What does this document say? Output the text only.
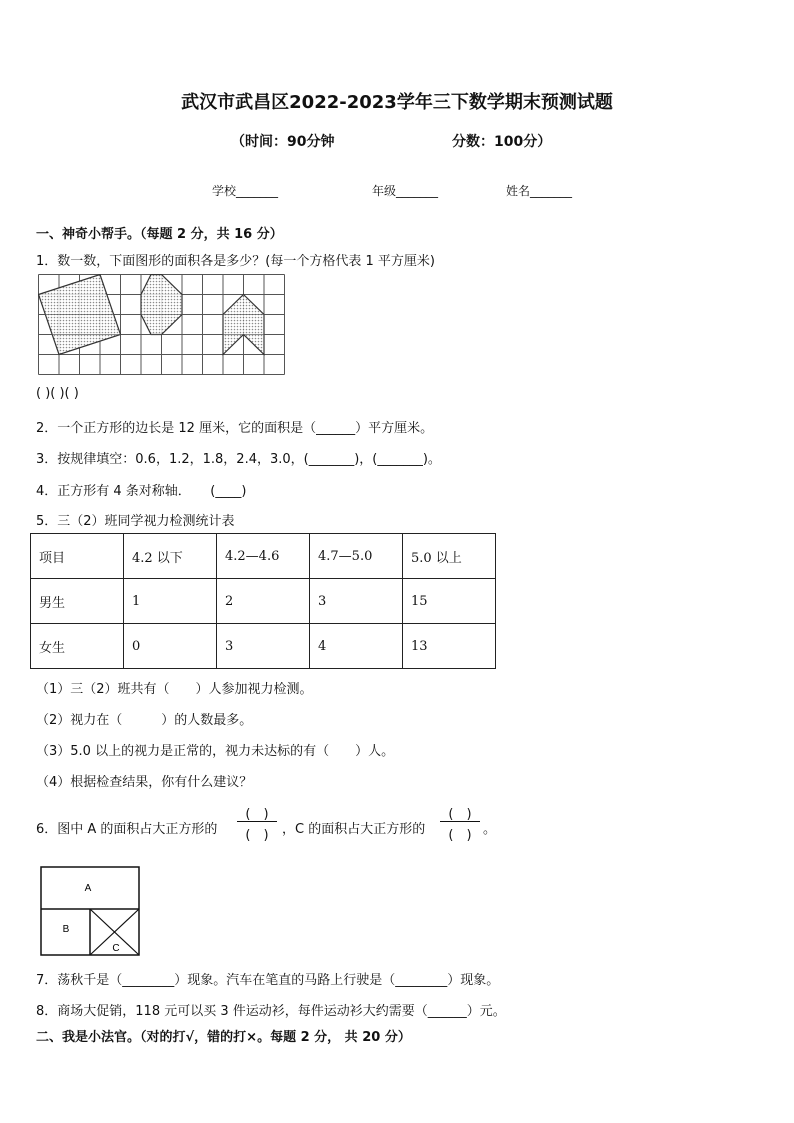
武汉市武昌区2022-2023学年三下数学期末预测试题
（时间：90分钟	分数：100分）
学校_______	年级_______	姓名_______
一、神奇小帮手。（每题 2 分，共 16 分）
1．数一数，下面图形的面积各是多少？(每一个方格代表 1 平方厘米)
( )( )( )
2．一个正方形的边长是 12 厘米，它的面积是（______）平方厘米。
3．按规律填空：0.6，1.2，1.8，2.4，3.0，(_______)，(_______)。
4．正方形有 4 条对称轴．　　(____)
5．三（2）班同学视力检测统计表
项目	4.2 以下	4.2—4.6	4.7—5.0	5.0 以上
男生	1	2	3	15
女生	0	3	4	13
（1）三（2）班共有（　　）人参加视力检测。
（2）视力在（　　　）的人数最多。
（3）5.0 以上的视力是正常的，视力未达标的有（　　）人。
（4）根据检查结果，你有什么建议？
6．图中 A 的面积占大正方形的
(　)
(　)	，C 的面积占大正方形的
(　)
(　) 。
A
B
C
7．荡秋千是（________）现象。汽车在笔直的马路上行驶是（________）现象。
8．商场大促销，118 元可以买 3 件运动衫，每件运动衫大约需要（______）元。
二、我是小法官。（对的打√，错的打×。每题 2 分， 共 20 分）
